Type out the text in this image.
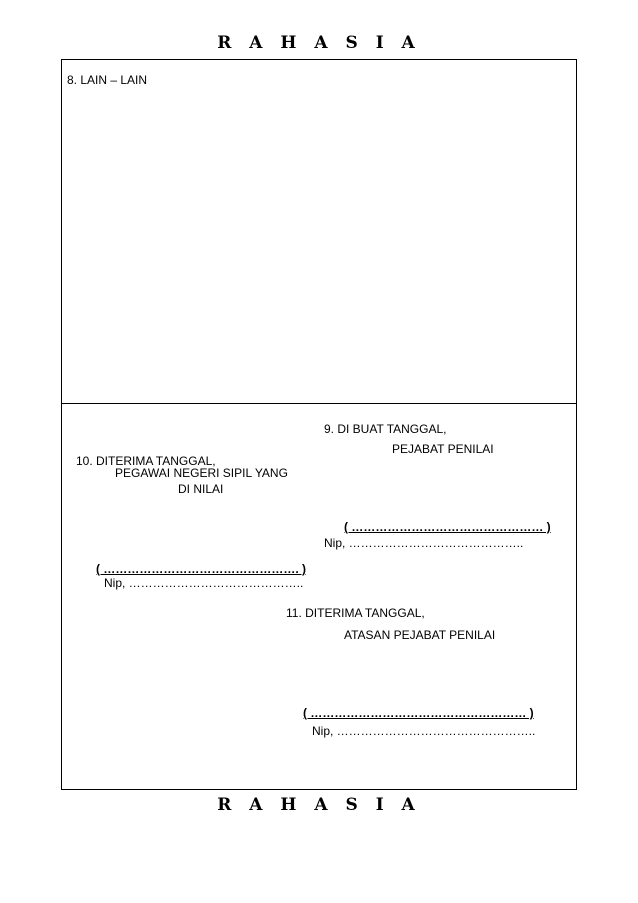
R A H A S I A
8. LAIN – LAIN
9. DI BUAT TANGGAL,
PEJABAT PENILAI
( ………………………………………… )
Nip, ……………………………………..
10. DITERIMA TANGGAL,
PEGAWAI NEGERI SIPIL YANG
DI NILAI
( …………………………………………. )
Nip, ……………………………………..
11. DITERIMA TANGGAL,
ATASAN PEJABAT PENILAI
( ……………………………………………… )
Nip, …………………………………………..
R A H A S I A
